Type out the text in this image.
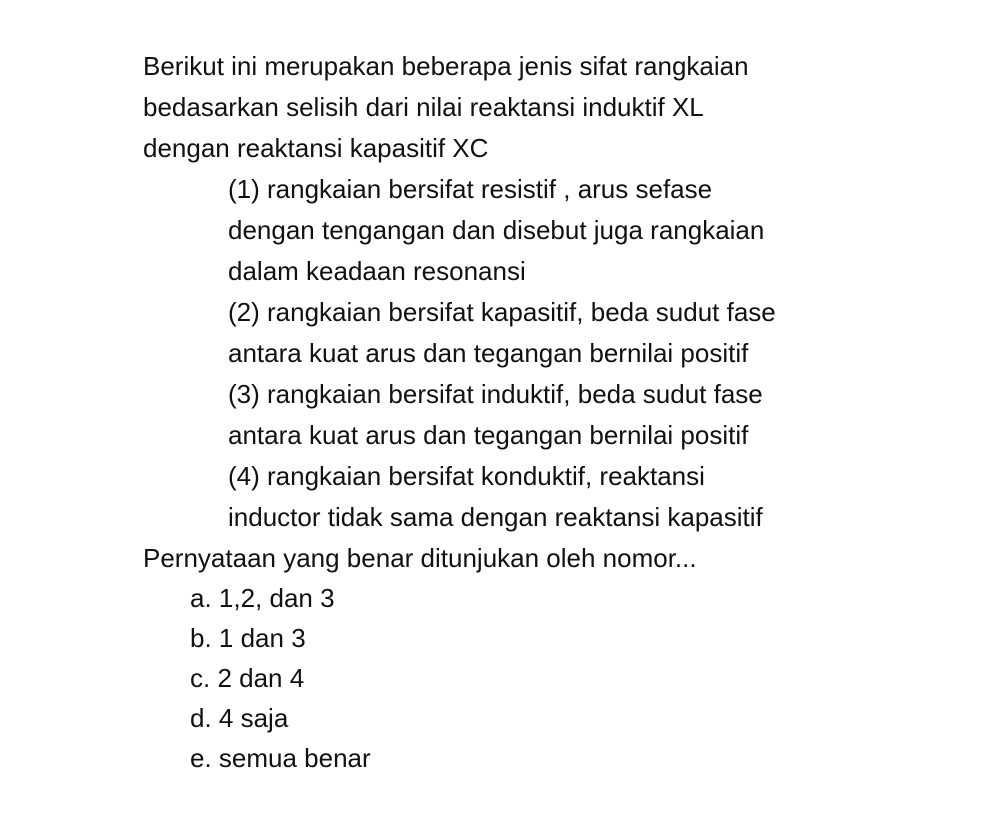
Berikut ini merupakan beberapa jenis sifat rangkaian
bedasarkan selisih dari nilai reaktansi induktif XL
dengan reaktansi kapasitif XC
(1) rangkaian bersifat resistif , arus sefase
dengan tengangan dan disebut juga rangkaian
dalam keadaan resonansi
(2) rangkaian bersifat kapasitif, beda sudut fase
antara kuat arus dan tegangan bernilai positif
(3) rangkaian bersifat induktif, beda sudut fase
antara kuat arus dan tegangan bernilai positif
(4) rangkaian bersifat konduktif, reaktansi
inductor tidak sama dengan reaktansi kapasitif
Pernyataan yang benar ditunjukan oleh nomor...
a. 1,2, dan 3
b. 1 dan 3
c. 2 dan 4
d. 4 saja
e. semua benar
